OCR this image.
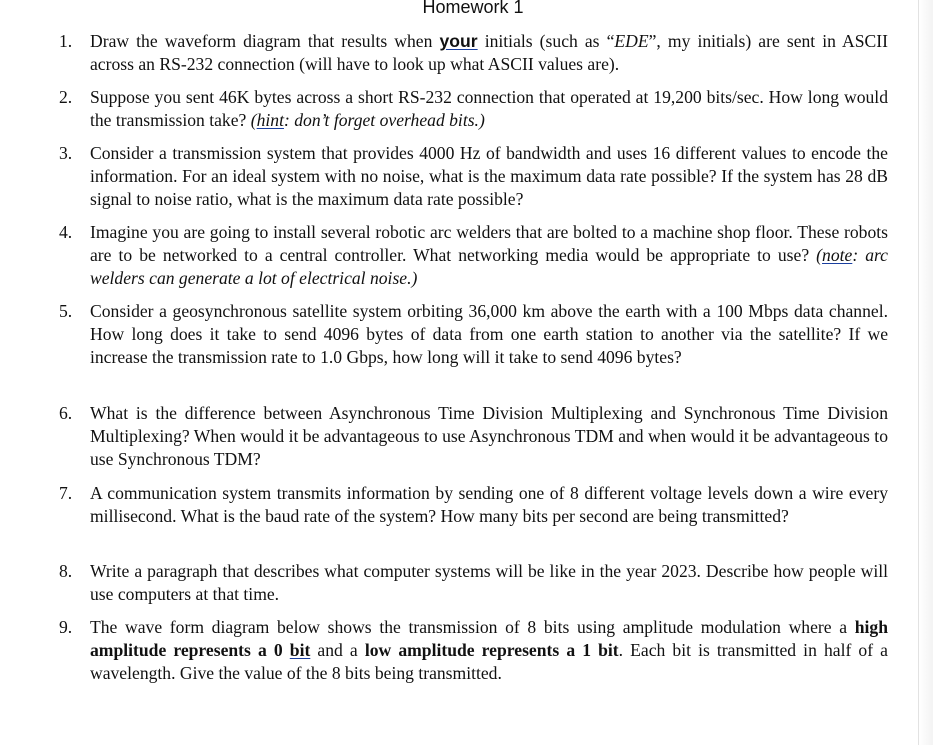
Homework 1
1.	Draw the waveform diagram that results when your initials (such as “EDE”, my initials) are sent in ASCII across an RS-232 connection (will have to look up what ASCII values are).

2.	Suppose you sent 46K bytes across a short RS-232 connection that operated at 19,200 bits/sec. How long would the transmission take? (hint: don’t forget overhead bits.)

3.	Consider a transmission system that provides 4000 Hz of bandwidth and uses 16 different values to encode the information. For an ideal system with no noise, what is the maximum data rate possible? If the system has 28 dB signal to noise ratio, what is the maximum data rate possible?

4.	Imagine you are going to install several robotic arc welders that are bolted to a machine shop floor. These robots are to be networked to a central controller. What networking media would be appropriate to use? (note: arc welders can generate a lot of electrical noise.)

5.	Consider a geosynchronous satellite system orbiting 36,000 km above the earth with a 100 Mbps data channel. How long does it take to send 4096 bytes of data from one earth station to another via the satellite? If we increase the transmission rate to 1.0 Gbps, how long will it take to send 4096 bytes?

6.	What is the difference between Asynchronous Time Division Multiplexing and Synchronous Time Division Multiplexing? When would it be advantageous to use Asynchronous TDM and when would it be advantageous to use Synchronous TDM?

7.	A communication system transmits information by sending one of 8 different voltage levels down a wire every millisecond. What is the baud rate of the system? How many bits per second are being transmitted?

8.	Write a paragraph that describes what computer systems will be like in the year 2023. Describe how people will use computers at that time.

9.	The wave form diagram below shows the transmission of 8 bits using amplitude modulation where a high amplitude represents a 0 bit and a low amplitude represents a 1 bit. Each bit is transmitted in half of a wavelength. Give the value of the 8 bits being transmitted.
